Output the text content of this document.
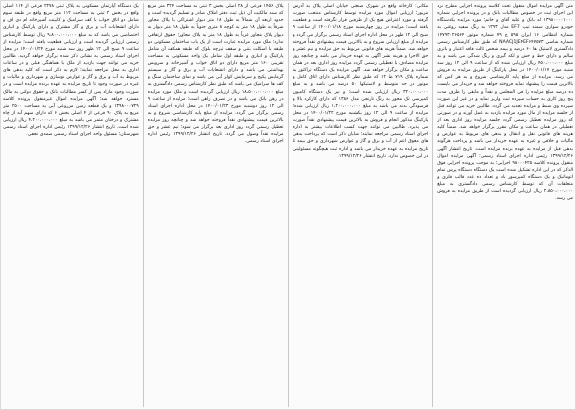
متن آگهی مزایده اموال منقول تحت کلاسه پرونده اجرایی مطرح نزد این اجرای ثبت در خصوص مطالبات بانک و در پرونده اجرایی شماره ۱۳۹۸۰۰۰۰۱۰۰۰ له بانک و علیه آقای و خانم؛ مورد مزایده یکدستگاه خودرو سواری سمند تیپ EF7 مدل ۱۳۹۳ به رنگ سفید روغنی به شماره انتظامی ۱۶ ایران ۵۹۵ ج ۷۹ شماره موتور ۱۴۷۹۳۰۲۶۵۶۴ شماره شاسی NAACJ1JE۴EF۶۴۷۵۷۳ که طبق نظر کارشناس رسمی دادگستری لاستیک ها ۶۰ درصد و بیمه شخص ثالث فاقد اعتبار و باتری سالم و دارای خط و خش و لکه گیری و رنگ شدگی می باشد و به مبلغ ۴۵۰،۰۰۰،۰۰۰ ریال ارزیابی شده که از ساعت ۹ الی ۱۲ روز سه شنبه مورخ ۱۴۰۰/۰۱/۱۷ در محل پارکینگ از طریق مزایده به فروش می رسد. مزایده از مبلغ پایه کارشناسی شروع و به هر کس که بالاترین قیمت را پیشنهاد نماید فروخته خواهد شد و خریدار می بایست ده درصد مبلغ مزایده را فی المجلس و نقداً و مابقی را ظرف مدت پنج روز کاری به حساب سپرده ثبت واریز نماید و در غیر این صورت سپرده وی ضبط و مزایده تجدید می گردد. طالبین خرید می توانند قبل از جلسه مزایده از مال مورد مزایده بازدید به عمل آورند و در صورتی که روز مزایده تعطیل رسمی گردد جلسه مزایده روز اداری بعد از تعطیلی در همان ساعت و مکان مقرر برگزار خواهد شد. ضمناً کلیه هزینه های قانونی نقل و انتقال و بدهی های مربوط به عوارض و مالیات و خلافی و غیره به عهده خریدار می باشد و پرداخت هرگونه بدهی قبل از مزایده به عهده برنده مزایده است. تاریخ انتشار آگهی ۱۳۹۹/۱۲/۲۶ رئیس اداره اجرای اسناد رسمی؛ آگهی مزایده اموال منقول پرونده کلاسه ۹۸۰۰۰۴۲۵ اجرایی؛ به موجب پرونده اجرایی فوق الذکر که در این اداره تشکیل شده است یک دستگاه دستگاه پرس تمام اتوماتیک و یک دستگاه کمپرسور باد و تعداد ده عدد قالب فلزی و متعلقات آن که توسط کارشناس رسمی دادگستری به مبلغ ۲،۸۵۰،۰۰۰،۰۰۰ ریال ارزیابی گردیده است از طریق مزایده به فروش می رسد.

مکانی: کارخانه واقع در شهرک صنعتی خیابان اصلی پلاک به آدرس مزبور؛ ارزیابی اموال مورد مزایده توسط کارشناس منتخب صورت گرفته و مورد اعتراض هیچ یک از طرفین قرار نگرفته است و قطعیت یافته است؛ مزایده در روز چهارشنبه مورخ ۱۴۰۰/۰۱/۱۸ از ساعت ۹ صبح الی ۱۲ ظهر در محل اداره اجرای اسناد رسمی برگزار می گردد و مزایده از مبلغ ارزیابی شروع و به بالاترین قیمت پیشنهادی نقداً فروخته خواهد شد. ضمناً هزینه های قانونی مربوط به حق مزایده و نیم عشر و حق الاجرا و هزینه نشر آگهی به عهده خریدار می باشد و چنانچه روز مزایده مصادف با تعطیلی رسمی گردد مزایده روز اداری بعد در همان ساعت و مکان برگزار خواهد شد. آگهی مزایده یک دستگاه تراکتور به شماره پلاک ۷۱۹ ط ۱۲ که طبق نظر کارشناس دارای اتاق کامل و موتور در حد متوسط و لاستیکها ۵۰ درصد می باشد و به مبلغ ۳۲۰،۰۰۰،۰۰۰ ریال ارزیابی شده است؛ و نیز یک دستگاه کامیون کمپرسی تک محور به رنگ نارنجی مدل ۱۳۸۶ که دارای کارکرد بالا و فرسودگی بدنه می باشد به مبلغ ۱،۲۰۰،۰۰۰،۰۰۰ ریال ارزیابی شده؛ مزایده از ساعت ۹ الی ۱۲ روز یکشنبه مورخ ۱۴۰۰/۰۱/۲۲ در محل پارکینگ مذکور انجام و فروش به بالاترین قیمت پیشنهادی نقداً صورت می پذیرد. طالبین می توانند جهت کسب اطلاعات بیشتر به اداره اجرای اسناد رسمی مراجعه نمایند؛ شایان ذکر است که پرداخت بدهی های معوق اعم از آب و برق و گاز و عوارض شهرداری و حق بیمه تا تاریخ مزایده به عهده خریدار می باشد و اداره ثبت هیچگونه مسئولیتی در این خصوص ندارد. تاریخ انتشار ۱۳۹۹/۱۲/۲۶.

پلاک ۱۴۵۶ فرعی از ۲۸ اصلی بخش ۳ ثبتی به مساحت ۳۲۴ متر مربع که سند مالکیت آن ذیل ثبت دفتر املاک صادر و تسلیم گردیده است و حدود اربعه آن شمالاً به طول ۱۸ متر دیوار اشتراکی با پلاک مجاور شرقاً به طول ۱۸ متر به کوچه ۸ متری جنوباً به طول ۱۸ متر دیوار به دیوار پلاک مجاور غرباً به طول ۱۸ متر به پلاک مجاور؛ حقوق ارتفاقی ندارد؛ ملک مورد مزایده عبارت است از یک باب ساختمان مسکونی دو طبقه با اسکلت بتنی و سقف تیرچه بلوک که طبقه همکف آن شامل پارکینگ و انباری و طبقه اول شامل یک واحد مسکونی به مساحت تقریبی ۱۶۰ متر مربع دارای دو اتاق خواب و آشپزخانه و سرویس بهداشتی می باشد و دارای انشعابات آب و برق و گاز و سیستم گرمایش پکیج و سرمایش کولر آبی می باشد و نمای ساختمان سنگ و کف ها سرامیک می باشد که طبق نظر کارشناس رسمی دادگستری به مبلغ ۱۸،۵۰۰،۰۰۰،۰۰۰ ریال ارزیابی گردیده است و ملک مورد مزایده در رهن بانک می باشد و در تصرف راهن است؛ مزایده از ساعت ۹ الی ۱۲ روز دوشنبه مورخ ۱۴۰۰/۰۱/۲۳ در محل اداره اجرای اسناد رسمی برگزار می گردد. مزایده از مبلغ پایه کارشناسی شروع و به بالاترین قیمت پیشنهادی نقداً فروخته خواهد شد و چنانچه روز مزایده تعطیل رسمی گردد روز اداری بعد برگزار می شود؛ نیم عشر و حق مزایده نقداً وصول می گردد. تاریخ انتشار ۱۳۹۹/۱۲/۲۶ رئیس اداره اجرای اسناد رسمی.

یک دستگاه آپارتمان مسکونی به پلاک ثبتی ۲۲۷۸ فرعی از ۱۱۴ اصلی واقع در بخش ۲ ثبتی به مساحت ۱۱۲ متر مربع واقع در طبقه سوم شامل دو اتاق خواب با کف سرامیک و کابینت آشپزخانه ام دی اف و دارای انشعابات آب و برق و گاز مشترک و دارای پارکینگ و انباری اختصاصی می باشد که به مبلغ ۹،۸۰۰،۰۰۰،۰۰۰ ریال توسط کارشناس رسمی ارزیابی گردیده است و ارزیابی قطعیت یافته است؛ مزایده از ساعت ۹ صبح الی ۱۲ ظهر روز سه شنبه مورخ ۱۴۰۰/۰۱/۲۴ در محل اجرای اسناد رسمی به نشانی ذکر شده برگزار خواهد گردید. طالبین خرید می توانند جهت بازدید از ملک با هماهنگی قبلی و در ساعات اداری به محل مراجعه نمایند؛ لازم به ذکر است که کلیه بدهی های مربوط به آب و برق و گاز و عوارض نوسازی و شهرداری و مالیات و غیره در صورت وجود تا تاریخ مزایده به عهده برنده مزایده است و در صورت وجود مازاد پس از کسر مطالبات بانک و حقوق دولتی به مالک مسترد خواهد شد؛ آگهی مزایده اموال غیرمنقول پرونده کلاسه ۱۳۹۸۰۰۰۷۲۹ و یک قطعه زمین مزروعی آبی به مساحت ۲۵۰۰ متر مربع به پلاک ۹۰ فرعی از ۴ اصلی بخش ۶ که دارای سهم آبه از چاه مشترک و درختان مثمر می باشد به مبلغ ۴،۲۰۰،۰۰۰،۰۰۰ ریال ارزیابی شده است. تاریخ انتشار ۱۳۹۹/۱۲/۲۶ رئیس اداره اجرای اسناد رسمی شهرستان؛ مسئول واحد اجرای اسناد رسمی صمدی نجفی.
